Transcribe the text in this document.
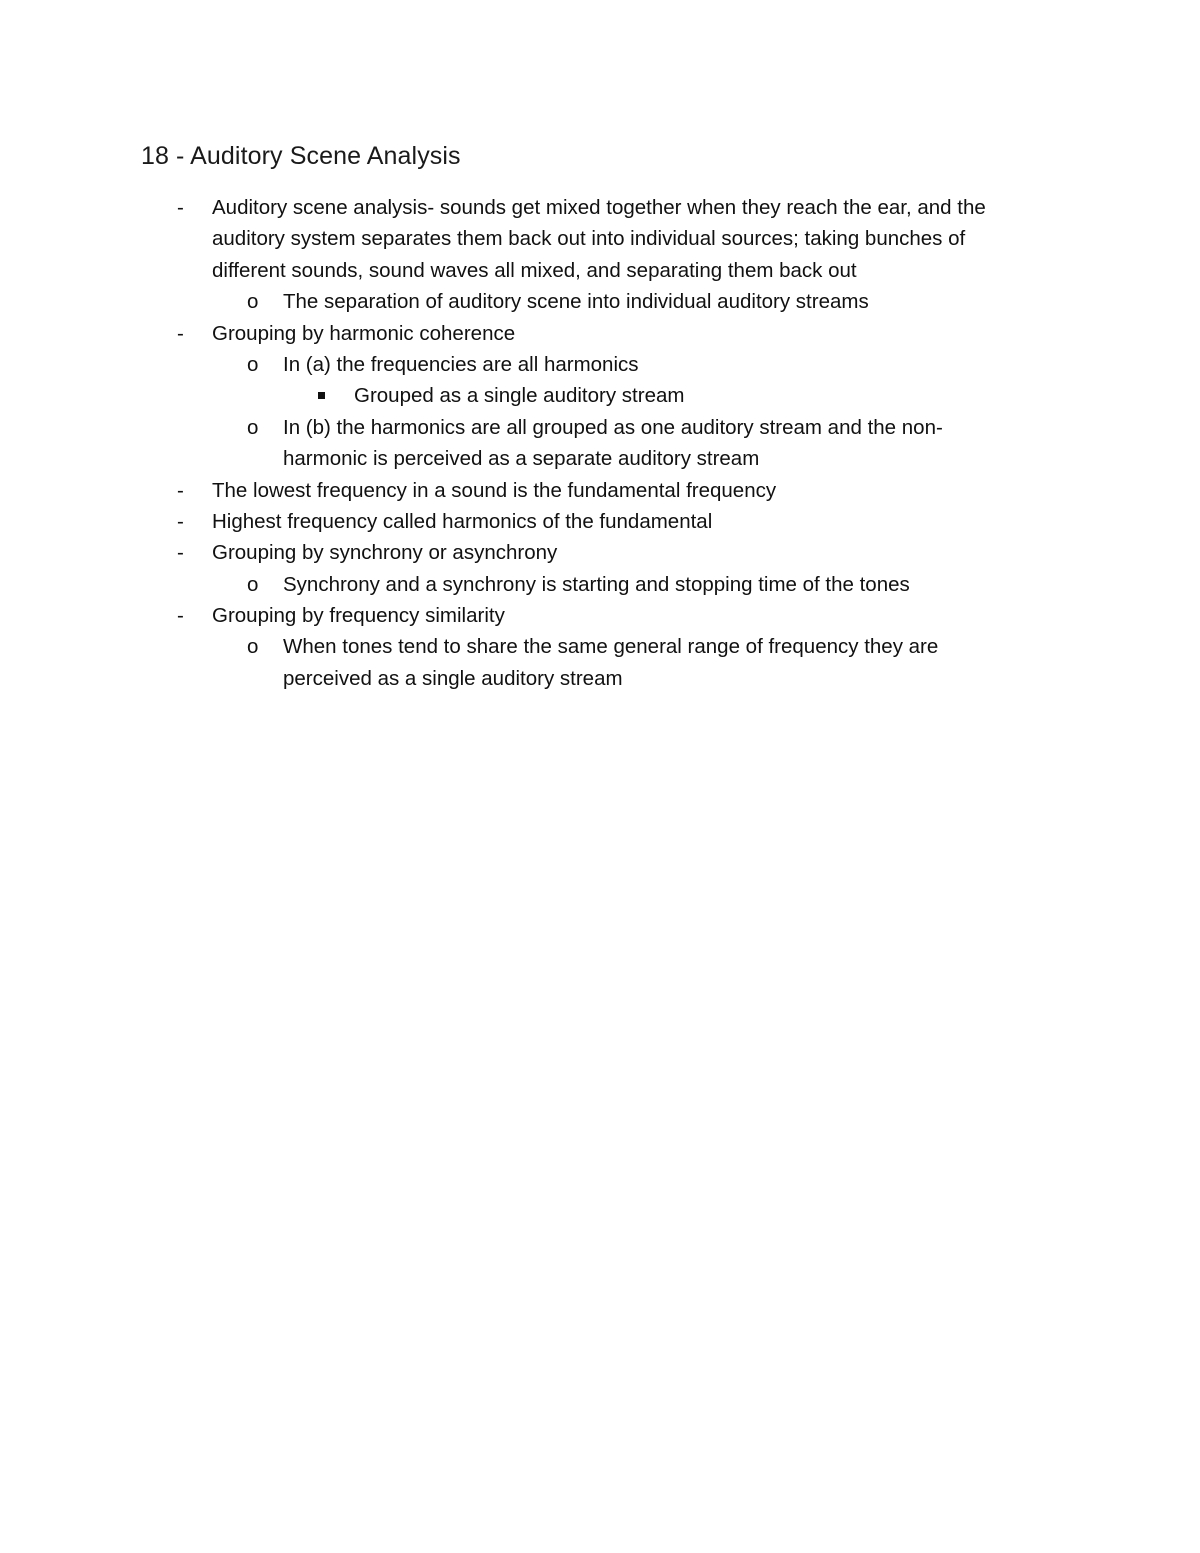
18 - Auditory Scene Analysis
- Auditory scene analysis- sounds get mixed together when they reach the ear, and the
auditory system separates them back out into individual sources; taking bunches of
different sounds, sound waves all mixed, and separating them back out
o The separation of auditory scene into individual auditory streams
- Grouping by harmonic coherence
o In (a) the frequencies are all harmonics
Grouped as a single auditory stream
o In (b) the harmonics are all grouped as one auditory stream and the non-
harmonic is perceived as a separate auditory stream
- The lowest frequency in a sound is the fundamental frequency
- Highest frequency called harmonics of the fundamental
- Grouping by synchrony or asynchrony
o Synchrony and a synchrony is starting and stopping time of the tones
- Grouping by frequency similarity
o When tones tend to share the same general range of frequency they are
perceived as a single auditory stream
